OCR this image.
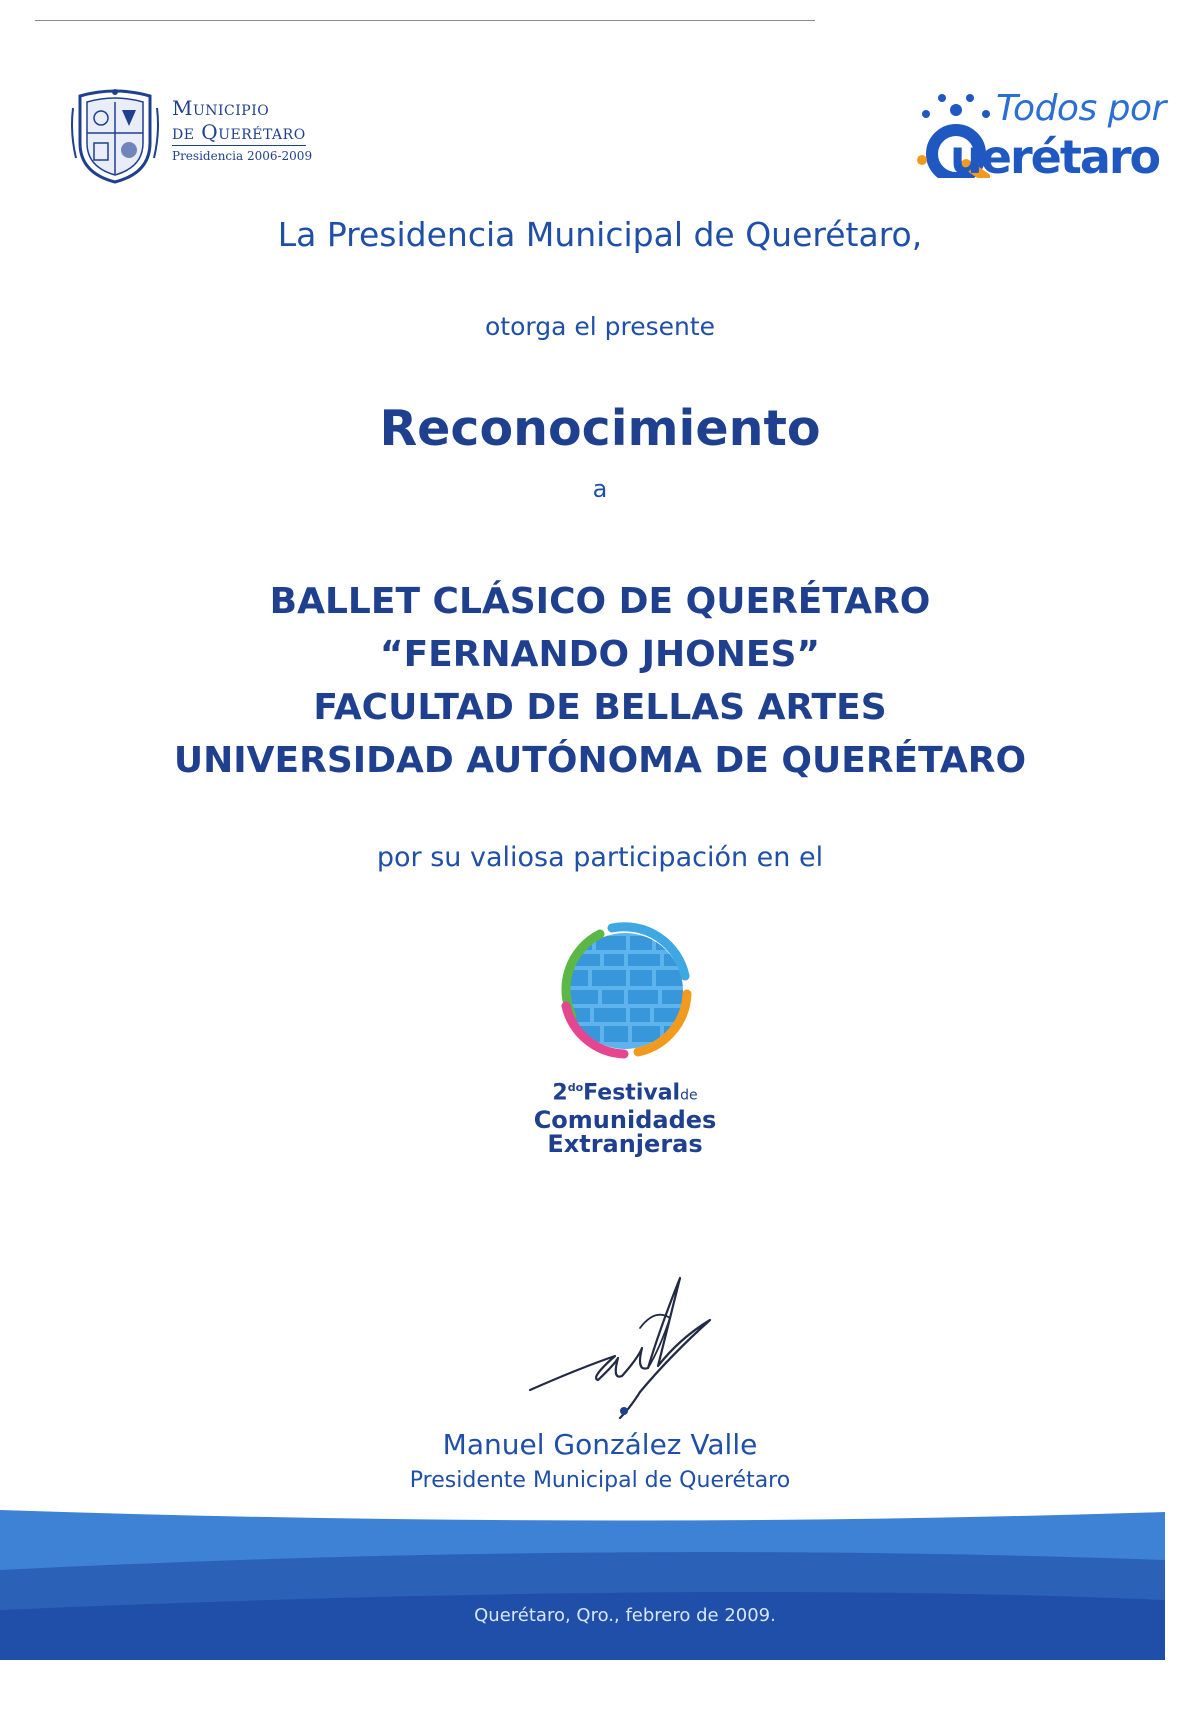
Municipio
de Querétaro
Presidencia 2006-2009
Todos por
uerétaro
La Presidencia Municipal de Querétaro,
otorga el presente
Reconocimiento
a
BALLET CLÁSICO DE QUERÉTARO
“FERNANDO JHONES”
FACULTAD DE BELLAS ARTES
UNIVERSIDAD AUTÓNOMA DE QUERÉTARO
por su valiosa participación en el
$2^{do}Festivalde$
Comunidades
Extranjeras
Manuel González Valle
Presidente Municipal de Querétaro
Querétaro, Qro., febrero de 2009.
